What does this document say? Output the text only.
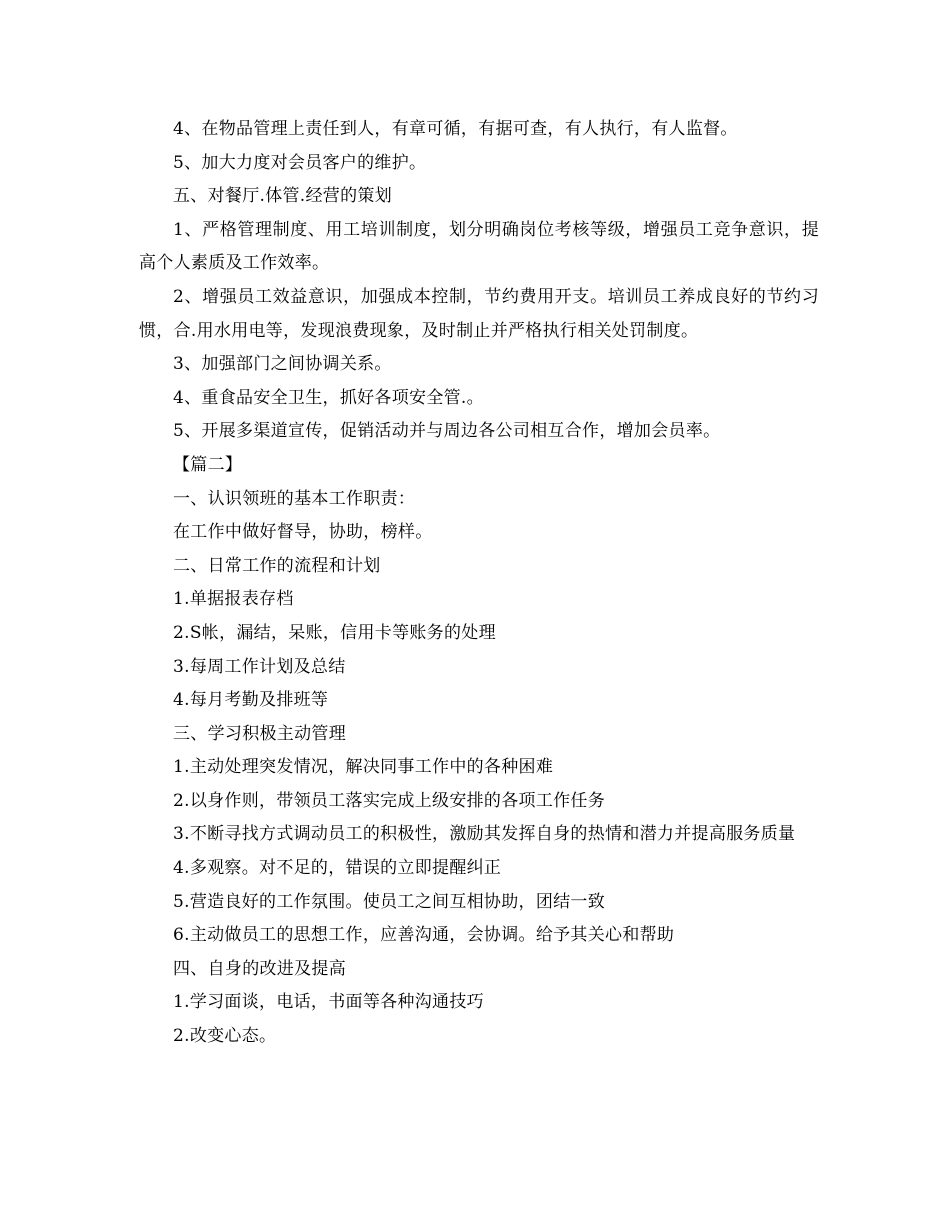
4、在物品管理上责任到人，有章可循，有据可查，有人执行，有人监督。

5、加大力度对会员客户的维护。

五、对餐厅.体管.经营的策划

1、严格管理制度、用工培训制度，划分明确岗位考核等级，增强员工竞争意识，提高个人素质及工作效率。

2、增强员工效益意识，加强成本控制，节约费用开支。培训员工养成良好的节约习惯，合.用水用电等，发现浪费现象，及时制止并严格执行相关处罚制度。

3、加强部门之间协调关系。

4、重食品安全卫生，抓好各项安全管.。

5、开展多渠道宣传，促销活动并与周边各公司相互合作，增加会员率。

【篇二】

一、认识领班的基本工作职责：

在工作中做好督导，协助，榜样。

二、日常工作的流程和计划

1.单据报表存档

2.S帐，漏结，呆账，信用卡等账务的处理

3.每周工作计划及总结

4.每月考勤及排班等

三、学习积极主动管理

1.主动处理突发情况，解决同事工作中的各种困难

2.以身作则，带领员工落实完成上级安排的各项工作任务

3.不断寻找方式调动员工的积极性，激励其发挥自身的热情和潜力并提高服务质量

4.多观察。对不足的，错误的立即提醒纠正

5.营造良好的工作氛围。使员工之间互相协助，团结一致

6.主动做员工的思想工作，应善沟通，会协调。给予其关心和帮助

四、自身的改进及提高

1.学习面谈，电话，书面等各种沟通技巧

2.改变心态。
